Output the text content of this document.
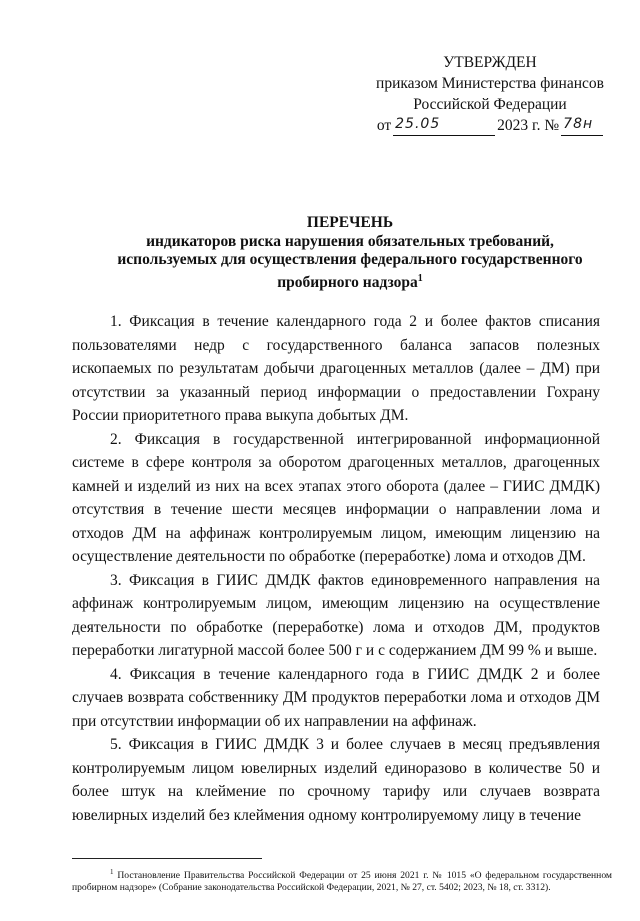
УТВЕРЖДЕН
приказом Министерства финансов
Российской Федерации
от 25.05	2023 г. № 78н
ПЕРЕЧЕНЬ
индикаторов риска нарушения обязательных требований,
используемых для осуществления федерального государственного
пробирного надзора$^1$

1. Фиксация в течение календарного года 2 и более фактов списания пользователями недр с государственного баланса запасов полезных ископаемых по результатам добычи драгоценных металлов (далее – ДМ) при отсутствии за указанный период информации о предоставлении Гохрану России приоритетного права выкупа добытых ДМ.

2. Фиксация в государственной интегрированной информационной системе в сфере контроля за оборотом драгоценных металлов, драгоценных камней и изделий из них на всех этапах этого оборота (далее – ГИИС ДМДК) отсутствия в течение шести месяцев информации о направлении лома и отходов ДМ на аффинаж контролируемым лицом, имеющим лицензию на осуществление деятельности по обработке (переработке) лома и отходов ДМ.

3. Фиксация в ГИИС ДМДК фактов единовременного направления на аффинаж контролируемым лицом, имеющим лицензию на осуществление деятельности по обработке (переработке) лома и отходов ДМ, продуктов переработки лигатурной массой более 500 г и с содержанием ДМ 99 % и выше.

4. Фиксация в течение календарного года в ГИИС ДМДК 2 и более случаев возврата собственнику ДМ продуктов переработки лома и отходов ДМ при отсутствии информации об их направлении на аффинаж.

5. Фиксация в ГИИС ДМДК 3 и более случаев в месяц предъявления контролируемым лицом ювелирных изделий единоразово в количестве 50 и более штук на клеймение по срочному тарифу или случаев возврата ювелирных изделий без клеймения одному контролируемому лицу в течение

$^1$ Постановление Правительства Российской Федерации от 25 июня 2021 г. № 1015 «О федеральном государственном пробирном надзоре» (Собрание законодательства Российской Федерации, 2021, № 27, ст. 5402; 2023, № 18, ст. 3312).
